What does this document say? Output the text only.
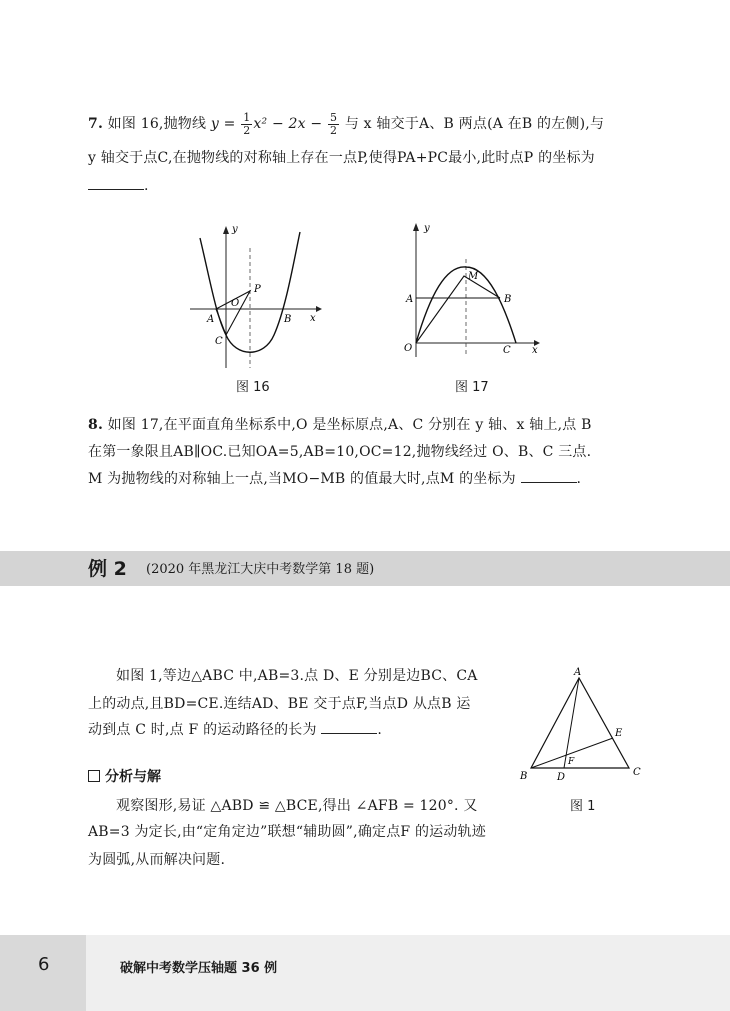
7. 如图 16,抛物线 $y = \frac{1}{2} x^2 - 2x - \frac{5}{2}$ 与 x 轴交于A、B 两点(A 在B 的左侧),与
y 轴交于点C,在抛物线的对称轴上存在一点P,使得PA+PC最小,此时点P 的坐标为
.
y
x
O
A	B
C
P
图 16
y
x
O
A	B
C
M
图 17
8. 如图 17,在平面直角坐标系中,O 是坐标原点,A、C 分别在 y 轴、x 轴上,点 B
在第一象限且AB∥OC.已知OA=5,AB=10,OC=12,抛物线经过 O、B、C 三点.
M 为抛物线的对称轴上一点,当MO−MB 的值最大时,点M 的坐标为	.
例 2 (2020 年黑龙江大庆中考数学第 18 题)
如图 1,等边△ABC 中,AB=3.点 D、E 分别是边BC、CA
上的动点,且BD=CE.连结AD、BE 交于点F,当点D 从点B 运
动到点 C 时,点 F 的运动路径的长为	.
A
B	C
D
E
F
图 1
分析与解
观察图形,易证 △ABD ≌ △BCE,得出 ∠AFB = 120°. 又
AB=3 为定长,由“定角定边”联想“辅助圆”,确定点F 的运动轨迹
为圆弧,从而解决问题.
6	破解中考数学压轴题 36 例
